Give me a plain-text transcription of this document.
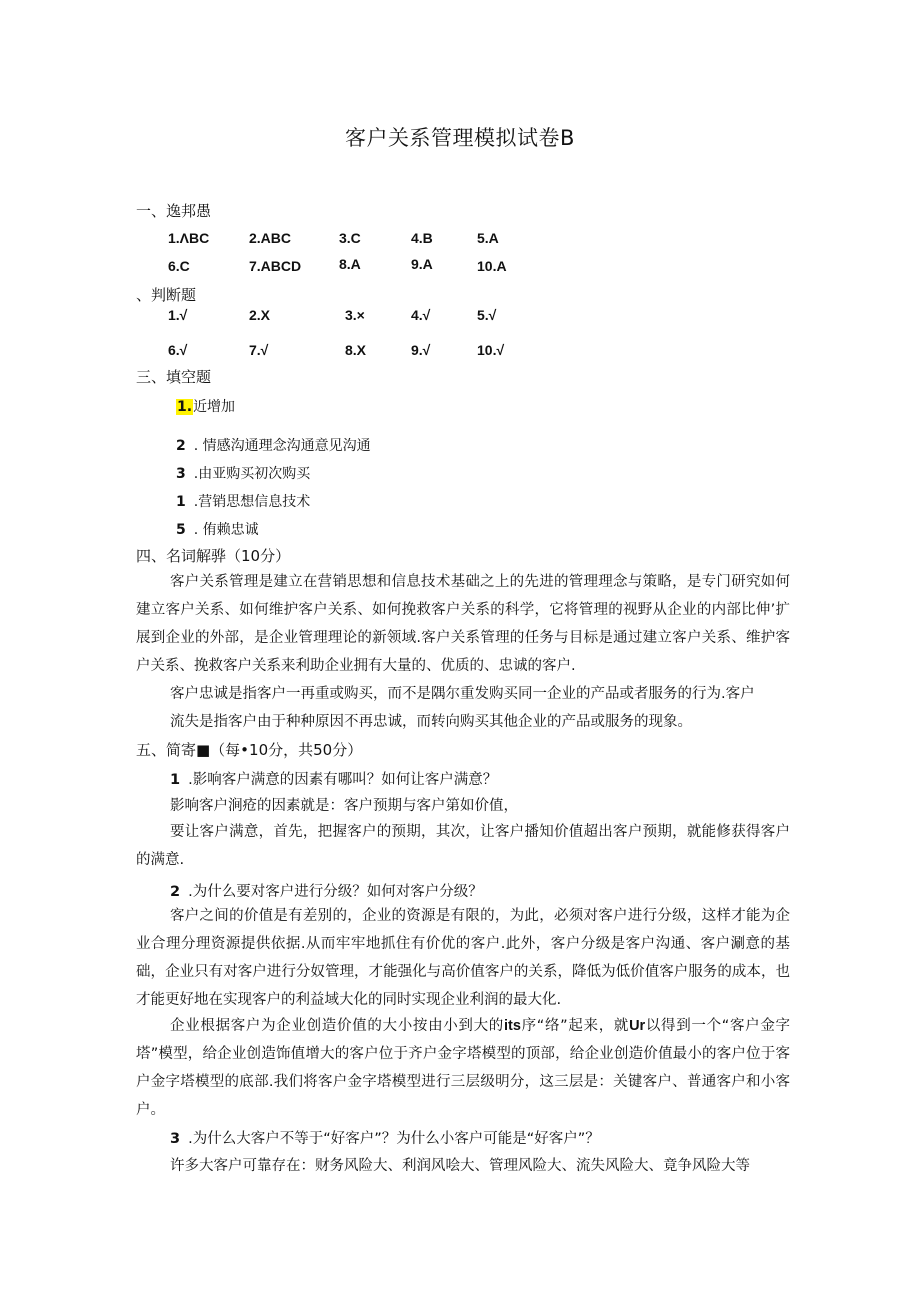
客户关系管理模拟试卷B
一、逸邦愚
1.ΛBC	2.ABC	3.C	4.B	5.A
6.C	7.ABCD	8.A	9.A	10.A
、判断题
1.√	2.X	3.×	4.√	5.√
6.√	7.√	8.X	9.√	10.√
三、填空题
1.近增加
2 . 情感沟通理念沟通意见沟通
3 .由亚购买初次购买
1 .营销思想信息技术
5 . 侑赖忠诚
四、名词解骅（10分）
客户关系管理是建立在营销思想和信息技术基础之上的先进的管理理念与策略，是专门研究如何建立客户关系、如何维护客户关系、如何挽救客户关系的科学，它将管理的视野从企业的内部比伸’扩展到企业的外部，是企业管理理论的新领域.客户关系管理的任务与目标是通过建立客户关系、维护客户关系、挽救客户关系来利助企业拥有大量的、优质的、忠诚的客户.
客户忠诚是指客户一再重或购买，而不是隅尔重发购买同一企业的产品或者服务的行为.客户
流失是指客户由于种种原因不再忠诚，而转向购买其他企业的产品或服务的现象。
五、简寄■（每•10分，共50分）
1 .影响客户满意的因素有哪叫？如何让客户满意？
影响客户涧疮的因素就是：客户预期与客户第如价值，
要让客户满意，首先，把握客户的预期，其次，让客户播知价值超出客户预期，就能修获得客户的满意.
2 .为什么要对客户进行分级？如何对客户分级？
客户之间的价值是有差别的，企业的资源是有限的，为此，必须对客户进行分级，这样才能为企业合理分理资源提供依据.从而牢牢地抓住有价优的客户.此外，客户分级是客户沟通、客户涮意的基础，企业只有对客户进行分奴管理，才能强化与高价值客户的关系，降低为低价值客户服务的成本，也才能更好地在实现客户的利益域大化的同时实现企业利润的最大化.
企业根据客户为企业创造价值的大小按由小到大的its序“络”起来，就Ur以得到一个“客户金字塔”模型，给企业创造饰值增大的客户位于齐户金字塔模型的顶部，给企业创造价值最小的客户位于客户金字塔模型的底部.我们将客户金字塔模型进行三层级明分，这三层是：关键客户、普通客户和小客户。
3 .为什么大客户不等于“好客户”？为什么小客户可能是“好客户”？
许多大客户可靠存在：财务风险大、利润风哙大、管理风险大、流失风险大、竟争风险大等
